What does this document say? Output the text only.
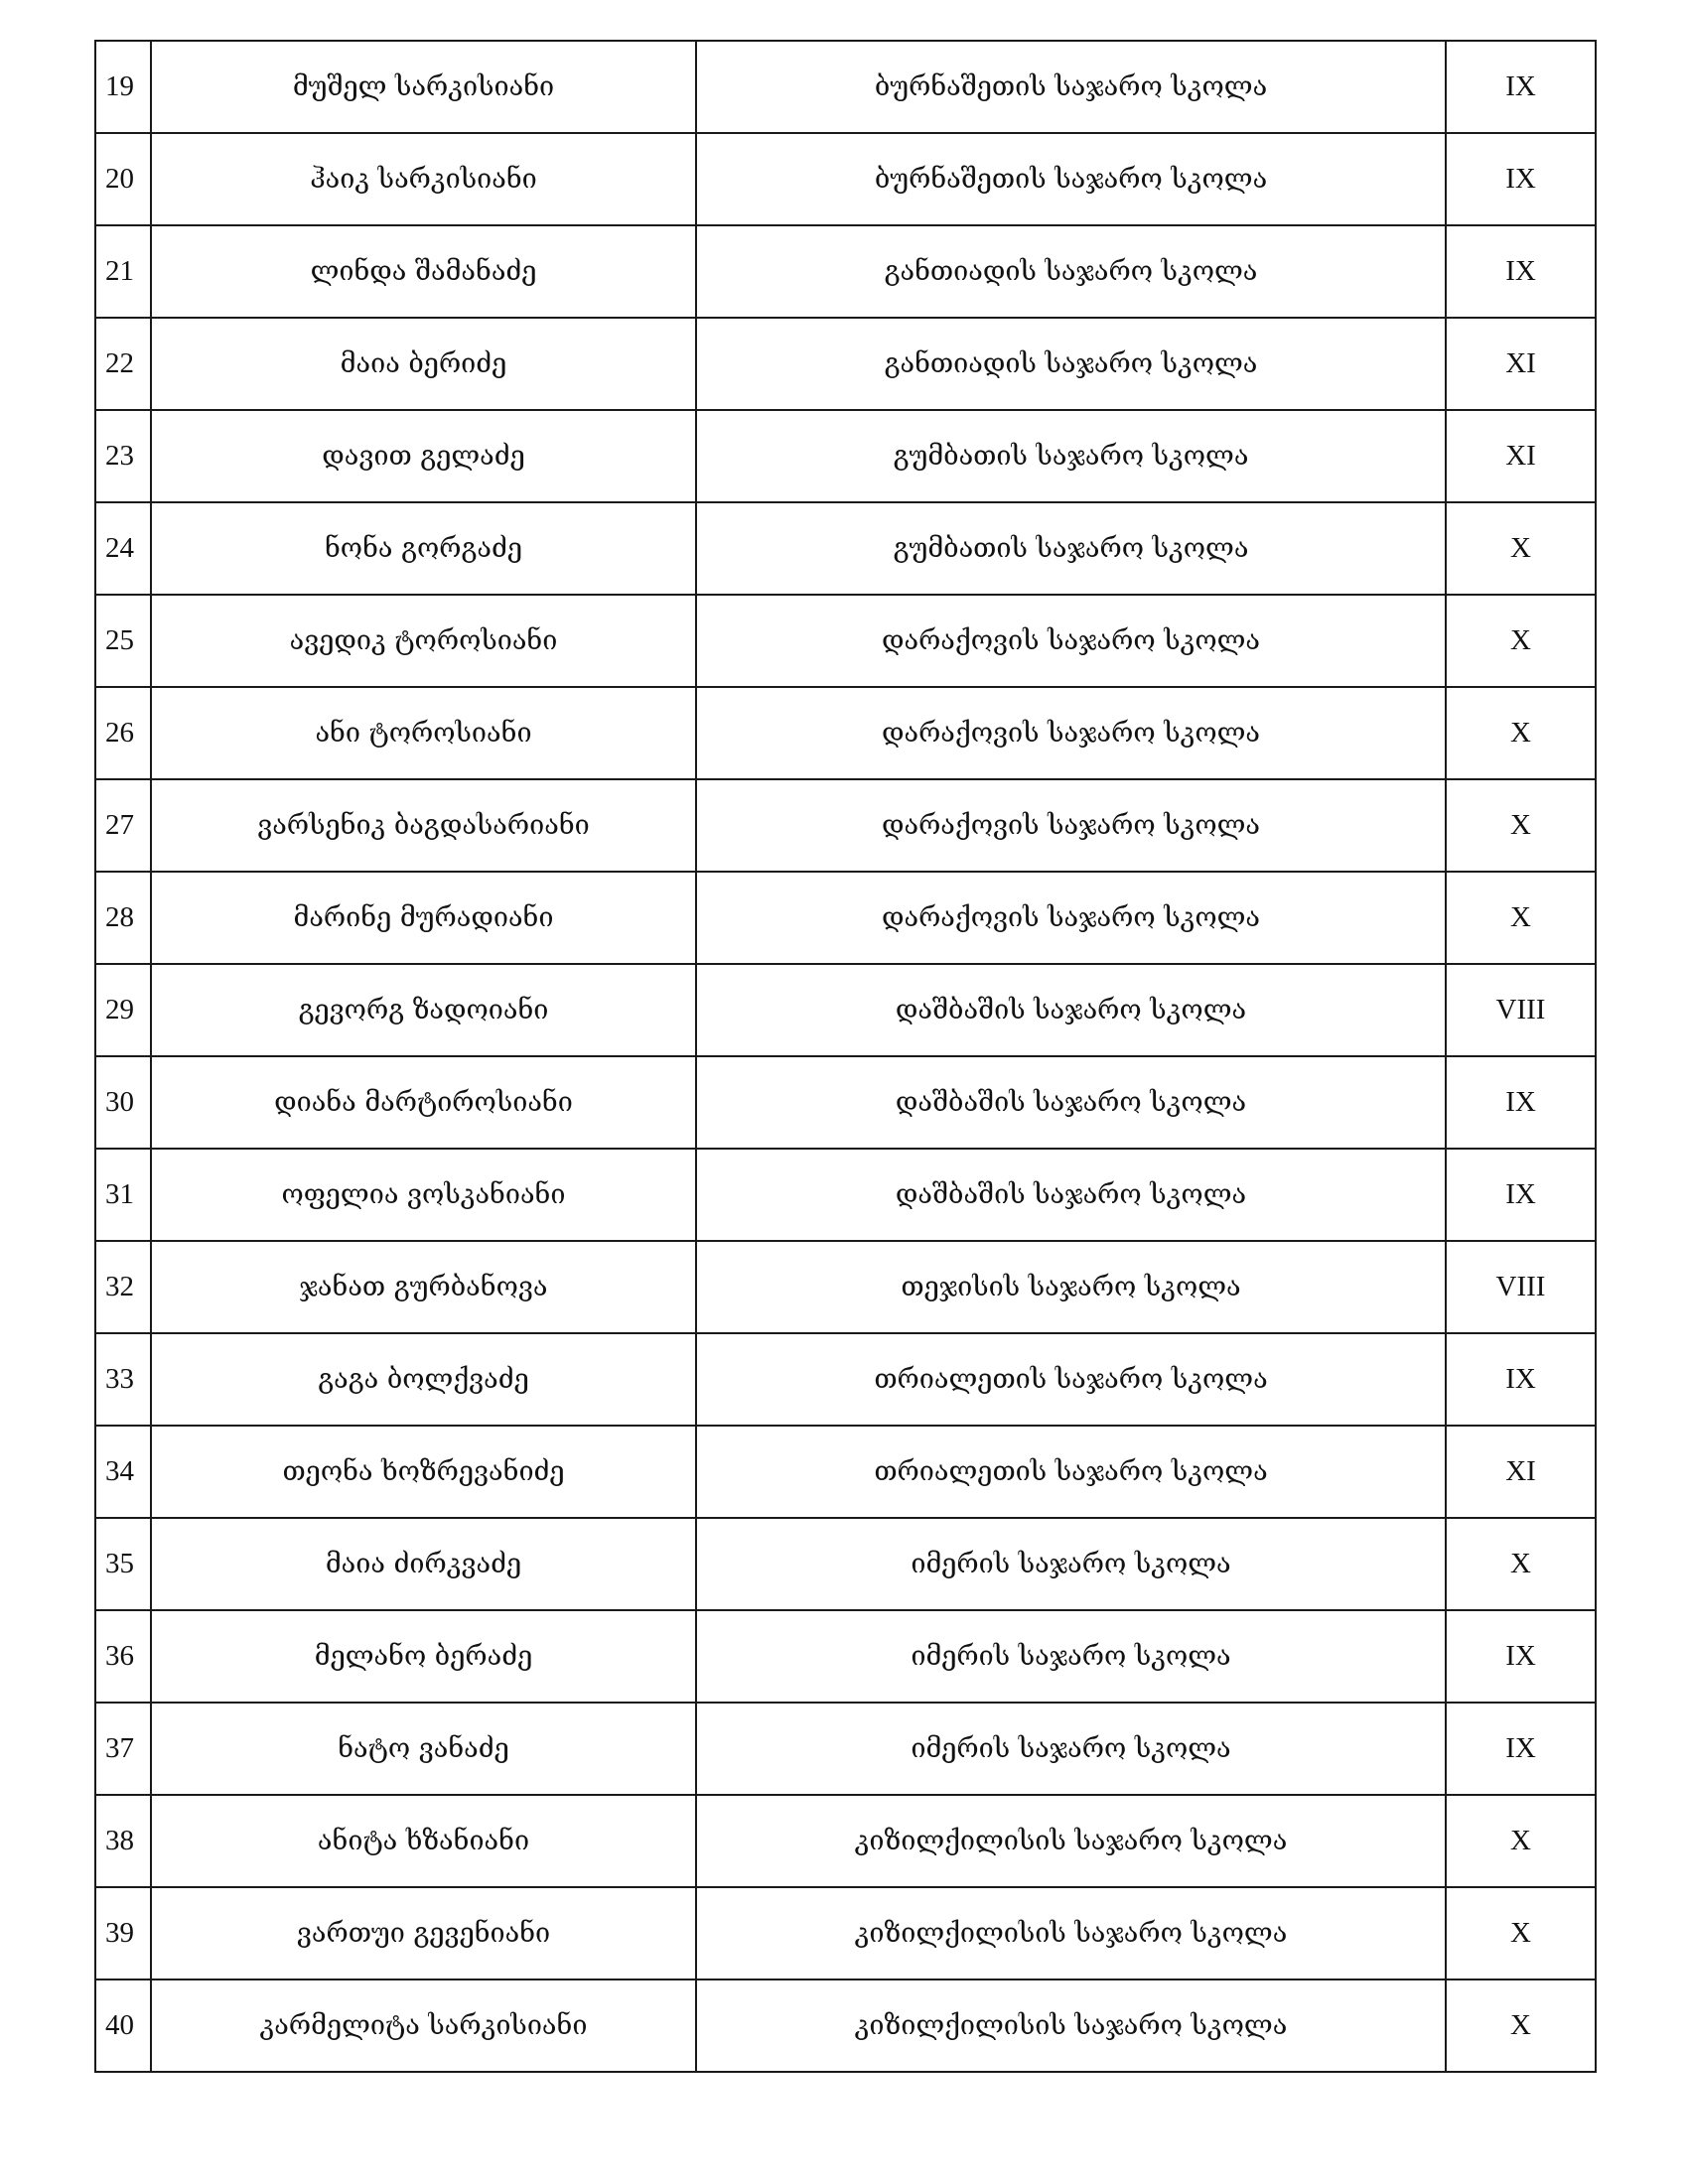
19	მუშელ სარკისიანი	ბურნაშეთის საჯარო სკოლა	IX
20	ჰაიკ სარკისიანი	ბურნაშეთის საჯარო სკოლა	IX
21	ლინდა შამანაძე	განთიადის საჯარო სკოლა	IX
22	მაია ბერიძე	განთიადის საჯარო სკოლა	XI
23	დავით გელაძე	გუმბათის საჯარო სკოლა	XI
24	ნონა გორგაძე	გუმბათის საჯარო სკოლა	X
25	ავედიკ ტოროსიანი	დარაქოვის საჯარო სკოლა	X
26	ანი ტოროსიანი	დარაქოვის საჯარო სკოლა	X
27	ვარსენიკ ბაგდასარიანი	დარაქოვის საჯარო სკოლა	X
28	მარინე მურადიანი	დარაქოვის საჯარო სკოლა	X
29	გევორგ ზადოიანი	დაშბაშის საჯარო სკოლა	VIII
30	დიანა მარტიროსიანი	დაშბაშის საჯარო სკოლა	IX
31	ოფელია ვოსკანიანი	დაშბაშის საჯარო სკოლა	IX
32	ჯანათ გურბანოვა	თეჯისის საჯარო სკოლა	VIII
33	გაგა ბოლქვაძე	თრიალეთის საჯარო სკოლა	IX
34	თეონა ხოზრევანიძე	თრიალეთის საჯარო სკოლა	XI
35	მაია ძირკვაძე	იმერის საჯარო სკოლა	X
36	მელანო ბერაძე	იმერის საჯარო სკოლა	IX
37	ნატო ვანაძე	იმერის საჯარო სკოლა	IX
38	ანიტა ხზანიანი	კიზილქილისის საჯარო სკოლა	X
39	ვართუი გევენიანი	კიზილქილისის საჯარო სკოლა	X
40	კარმელიტა სარკისიანი	კიზილქილისის საჯარო სკოლა	X
